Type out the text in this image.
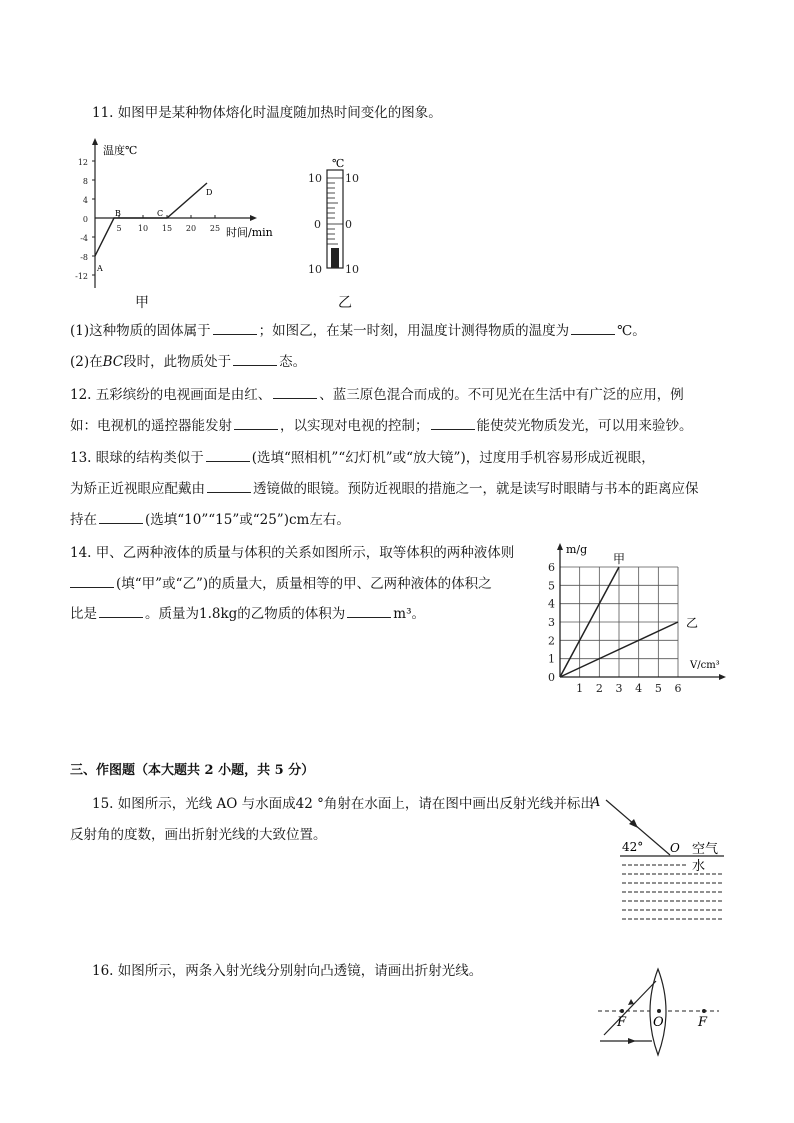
11. 如图甲是某种物体熔化时温度随加热时间变化的图象。
温度℃
时间/min
12
8
4
0
-4
-8
-12
5 10 15 20 25
A
B	C
D
甲
℃
10
0
10
10
0
10
乙
(1)这种物质的固体属于	；如图乙，在某一时刻，用温度计测得物质的温度为	℃。
(2)在BC段时，此物质处于	态。
12. 五彩缤纷的电视画面是由红、	、蓝三原色混合而成的。不可见光在生活中有广泛的应用，例
如：电视机的遥控器能发射	，以实现对电视的控制；	能使荧光物质发光，可以用来验钞。
13. 眼球的结构类似于	(选填“照相机”“幻灯机”或“放大镜”)，过度用手机容易形成近视眼，
为矫正近视眼应配戴由	透镜做的眼镜。预防近视眼的措施之一，就是读写时眼睛与书本的距离应保
持在	(选填“10”“15”或“25”)cm左右。
14. 甲、乙两种液体的质量与体积的关系如图所示，取等体积的两种液体则
(填“甲”或“乙”)的质量大，质量相等的甲、乙两种液体的体积之
比是	。质量为1.8kg的乙物质的体积为	m³。
0
1
2
3
4
5
6
1 2 3 4 5 6
甲
乙
m/g
V/cm³
三、作图题（本大题共 2 小题，共 5 分）
15. 如图所示，光线 AO 与水面成42 °角射在水面上，请在图中画出反射光线并标出
反射角的度数，画出折射光线的大致位置。
A
42° O 空气
水
16. 如图所示，两条入射光线分别射向凸透镜，请画出折射光线。
F O	F
